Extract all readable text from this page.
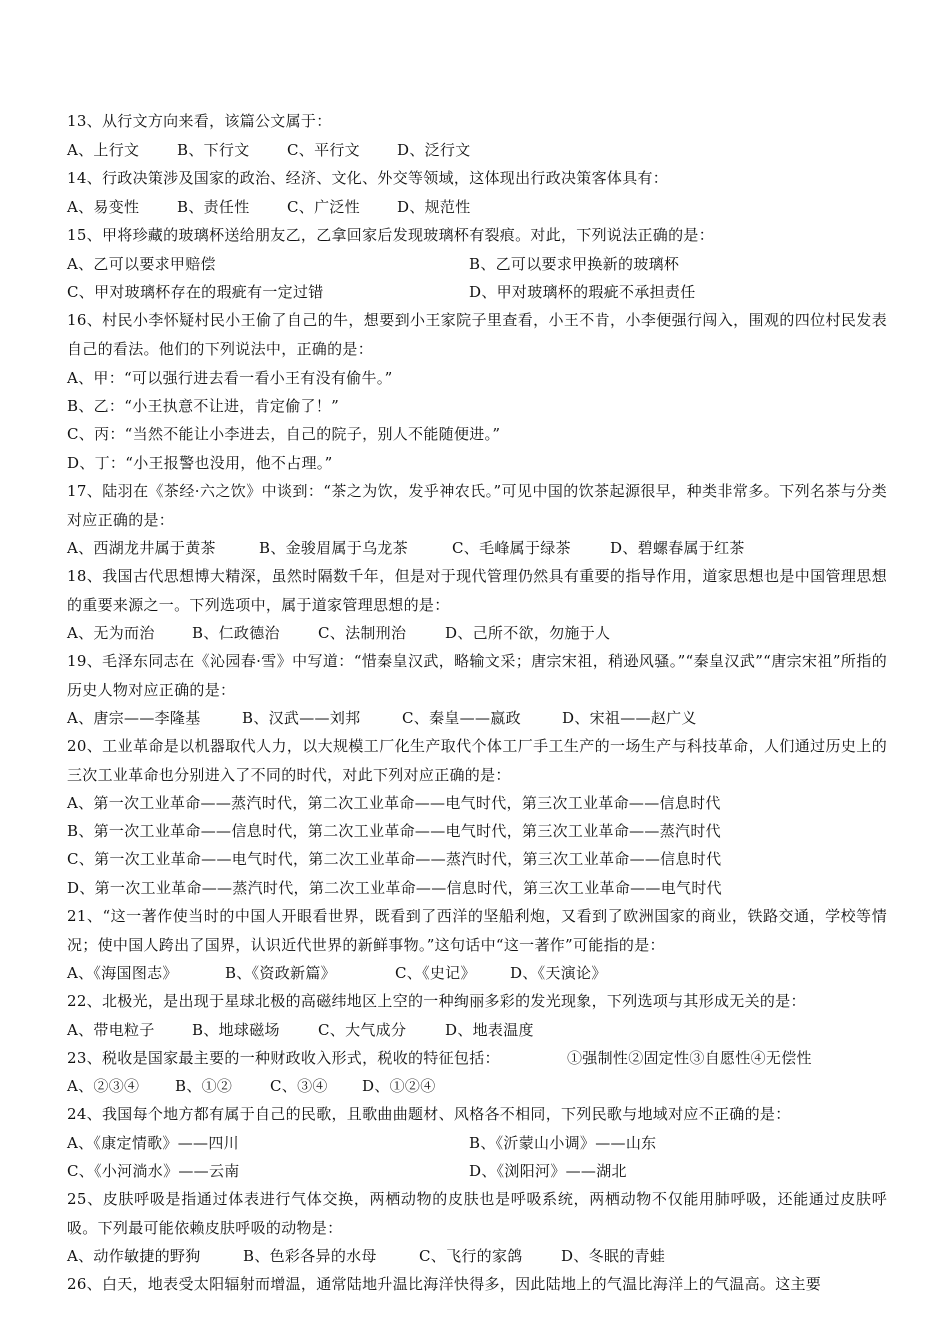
13、从行文方向来看，该篇公文属于：
A、上行文	B、下行文 C、平行文 D、泛行文
14、行政决策涉及国家的政治、经济、文化、外交等领域，这体现出行政决策客体具有：
A、易变性	B、责任性 C、广泛性 D、规范性
15、甲将珍藏的玻璃杯送给朋友乙，乙拿回家后发现玻璃杯有裂痕。对此，下列说法正确的是：
A、乙可以要求甲赔偿	B、乙可以要求甲换新的玻璃杯
C、甲对玻璃杯存在的瑕疵有一定过错	D、甲对玻璃杯的瑕疵不承担责任
16、村民小李怀疑村民小王偷了自己的牛，想要到小王家院子里查看，小王不肯，小李便强行闯入，围观的四位村民发表自己的看法。他们的下列说法中，正确的是：
A、甲：“可以强行进去看一看小王有没有偷牛。”
B、乙：“小王执意不让进，肯定偷了！”
C、丙：“当然不能让小李进去，自己的院子，别人不能随便进。”
D、丁：“小王报警也没用，他不占理。”
17、陆羽在《茶经·六之饮》中谈到：“茶之为饮，发乎神农氏。”可见中国的饮茶起源很早，种类非常多。下列名茶与分类对应正确的是：
A、西湖龙井属于黄茶	B、金骏眉属于乌龙茶	C、毛峰属于绿茶	D、碧螺春属于红茶
18、我国古代思想博大精深，虽然时隔数千年，但是对于现代管理仍然具有重要的指导作用，道家思想也是中国管理思想的重要来源之一。下列选项中，属于道家管理思想的是：
A、无为而治 B、仁政德治	C、法制刑治	D、己所不欲，勿施于人
19、毛泽东同志在《沁园春·雪》中写道：“惜秦皇汉武，略输文采；唐宗宋祖，稍逊风骚。”“秦皇汉武”“唐宗宋祖”所指的历史人物对应正确的是：
A、唐宗——李隆基	B、汉武——刘邦	C、秦皇——嬴政	D、宋祖——赵广义
20、工业革命是以机器取代人力，以大规模工厂化生产取代个体工厂手工生产的一场生产与科技革命，人们通过历史上的三次工业革命也分别进入了不同的时代，对此下列对应正确的是：
A、第一次工业革命——蒸汽时代，第二次工业革命——电气时代，第三次工业革命——信息时代
B、第一次工业革命——信息时代，第二次工业革命——电气时代，第三次工业革命——蒸汽时代
C、第一次工业革命——电气时代，第二次工业革命——蒸汽时代，第三次工业革命——信息时代
D、第一次工业革命——蒸汽时代，第二次工业革命——信息时代，第三次工业革命——电气时代
21、“这一著作使当时的中国人开眼看世界，既看到了西洋的坚船利炮，又看到了欧洲国家的商业，铁路交通，学校等情况；使中国人跨出了国界，认识近代世界的新鲜事物。”这句话中“这一著作”可能指的是：
A、《海国图志》	B、《资政新篇》	C、《史记》 D、《天演论》
22、北极光，是出现于星球北极的高磁纬地区上空的一种绚丽多彩的发光现象，下列选项与其形成无关的是：
A、带电粒子 B、地球磁场	C、大气成分	D、地表温度
23、税收是国家最主要的一种财政收入形式，税收的特征包括：	①强制性②固定性③自愿性④无偿性
A、②③④ B、①②	C、③④ D、①②④
24、我国每个地方都有属于自己的民歌，且歌曲曲题材、风格各不相同，下列民歌与地域对应不正确的是：
A、《康定情歌》——四川	B、《沂蒙山小调》——山东
C、《小河淌水》——云南	D、《浏阳河》——湖北
25、皮肤呼吸是指通过体表进行气体交换，两栖动物的皮肤也是呼吸系统，两栖动物不仅能用肺呼吸，还能通过皮肤呼吸。下列最可能依赖皮肤呼吸的动物是：
A、动作敏捷的野狗	B、色彩各异的水母	C、飞行的家鸽	D、冬眠的青蛙
26、白天，地表受太阳辐射而增温，通常陆地升温比海洋快得多，因此陆地上的气温比海洋上的气温高。这主要
